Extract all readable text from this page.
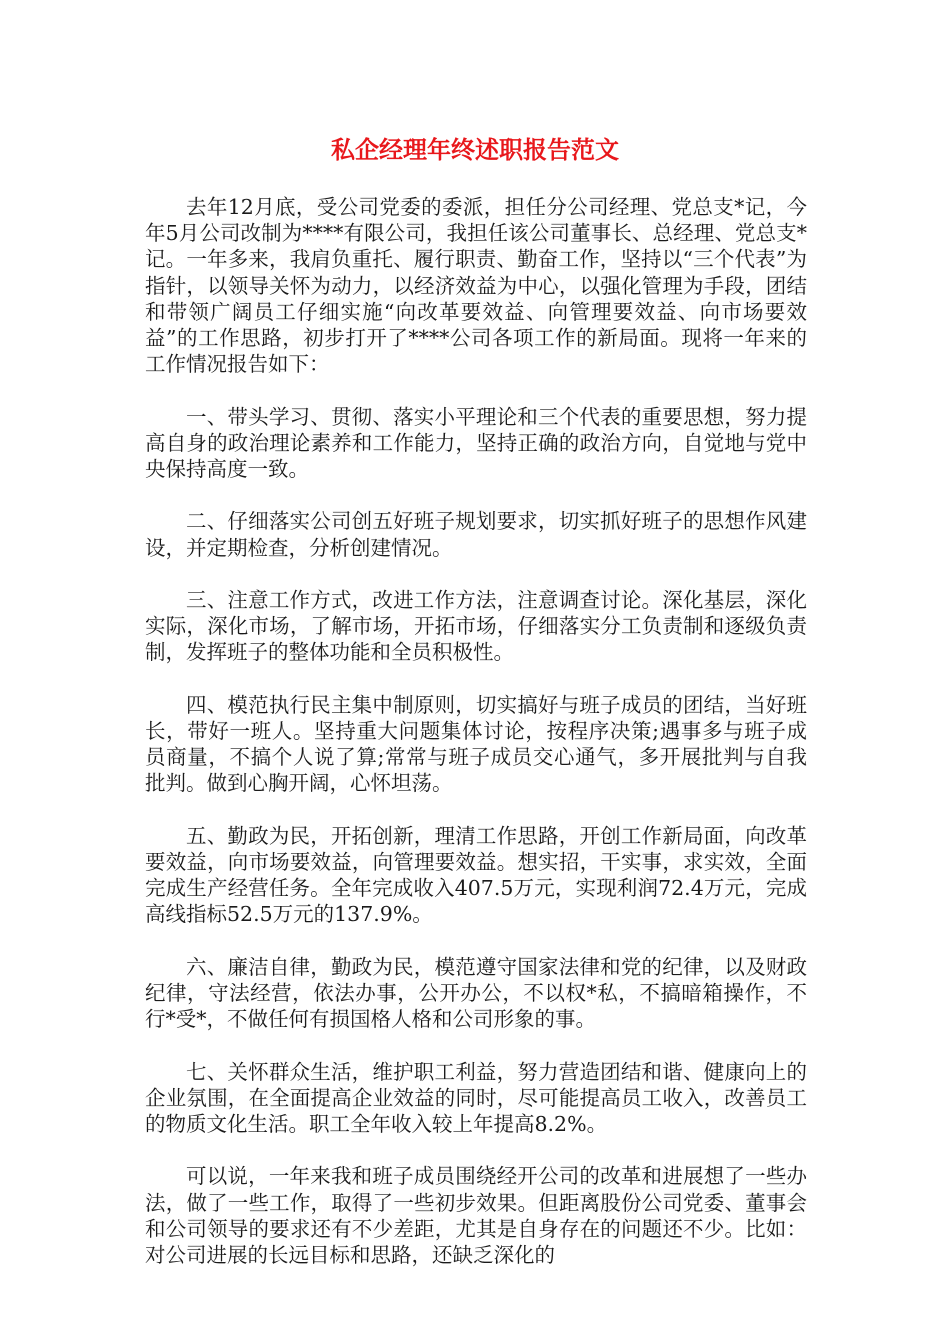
私企经理年终述职报告范文

去年12月底，受公司党委的委派，担任分公司经理、党总支*记，今年5月公司改制为****有限公司，我担任该公司董事长、总经理、党总支*记。一年多来，我肩负重托、履行职责、勤奋工作，坚持以“三个代表”为指针，以领导关怀为动力，以经济效益为中心，以强化管理为手段，团结和带领广阔员工仔细实施“向改革要效益、向管理要效益、向市场要效益”的工作思路，初步打开了****公司各项工作的新局面。现将一年来的工作情况报告如下：

一、带头学习、贯彻、落实小平理论和三个代表的重要思想，努力提高自身的政治理论素养和工作能力，坚持正确的政治方向，自觉地与党中央保持高度一致。

二、仔细落实公司创五好班子规划要求，切实抓好班子的思想作风建设，并定期检查，分析创建情况。

三、注意工作方式，改进工作方法，注意调查讨论。深化基层，深化实际，深化市场，了解市场，开拓市场，仔细落实分工负责制和逐级负责制，发挥班子的整体功能和全员积极性。

四、模范执行民主集中制原则，切实搞好与班子成员的团结，当好班长，带好一班人。坚持重大问题集体讨论，按程序决策;遇事多与班子成员商量，不搞个人说了算;常常与班子成员交心通气，多开展批判与自我批判。做到心胸开阔，心怀坦荡。

五、勤政为民，开拓创新，理清工作思路，开创工作新局面，向改革要效益，向市场要效益，向管理要效益。想实招，干实事，求实效，全面完成生产经营任务。全年完成收入407.5万元，实现利润72.4万元，完成高线指标52.5万元的137.9%。

六、廉洁自律，勤政为民，模范遵守国家法律和党的纪律，以及财政纪律，守法经营，依法办事，公开办公，不以权*私，不搞暗箱操作，不行*受*，不做任何有损国格人格和公司形象的事。

七、关怀群众生活，维护职工利益，努力营造团结和谐、健康向上的企业氛围，在全面提高企业效益的同时，尽可能提高员工收入，改善员工的物质文化生活。职工全年收入较上年提高8.2%。

可以说，一年来我和班子成员围绕经开公司的改革和进展想了一些办法，做了一些工作，取得了一些初步效果。但距离股份公司党委、董事会和公司领导的要求还有不少差距，尤其是自身存在的问题还不少。比如：对公司进展的长远目标和思路，还缺乏深化的
